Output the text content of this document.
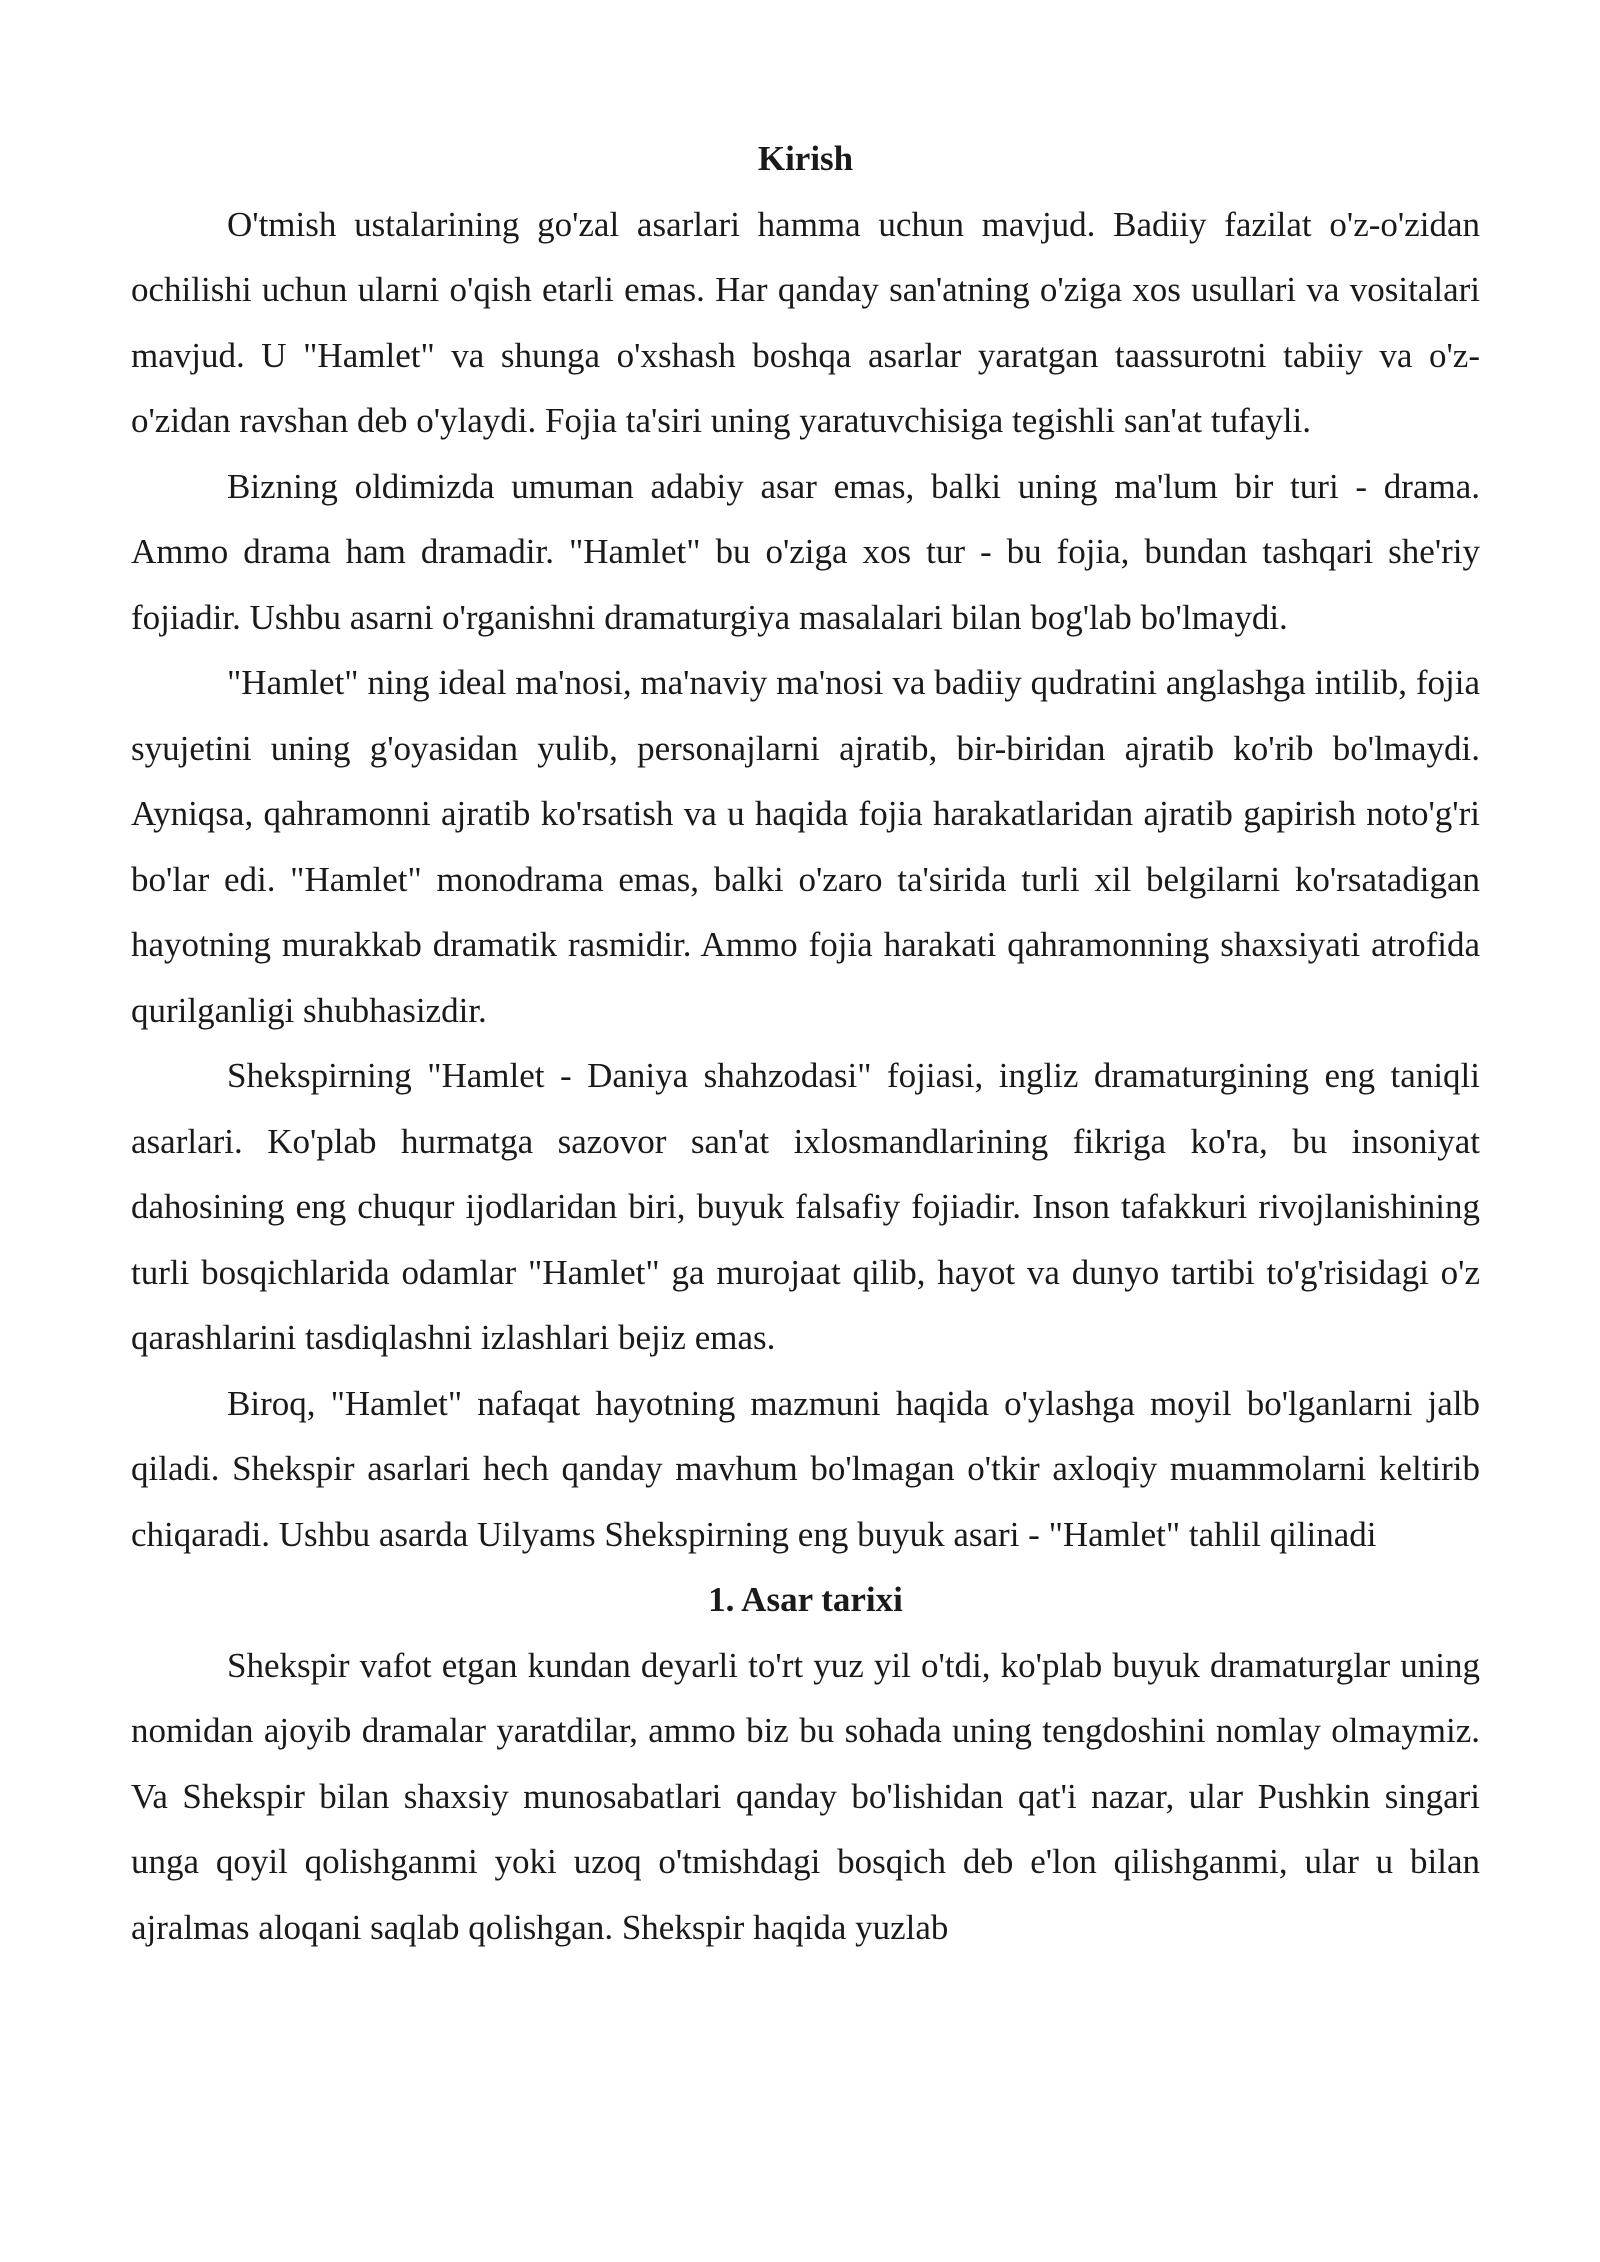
Kirish

O'tmish ustalarining go'zal asarlari hamma uchun mavjud. Badiiy fazilat o'z-o'zidan ochilishi uchun ularni o'qish etarli emas. Har qanday san'atning o'ziga xos usullari va vositalari mavjud. U "Hamlet" va shunga o'xshash boshqa asarlar yaratgan taassurotni tabiiy va o'z-o'zidan ravshan deb o'ylaydi. Fojia ta'siri uning yaratuvchisiga tegishli san'at tufayli.

Bizning oldimizda umuman adabiy asar emas, balki uning ma'lum bir turi - drama. Ammo drama ham dramadir. "Hamlet" bu o'ziga xos tur - bu fojia, bundan tashqari she'riy fojiadir. Ushbu asarni o'rganishni dramaturgiya masalalari bilan bog'lab bo'lmaydi.

"Hamlet" ning ideal ma'nosi, ma'naviy ma'nosi va badiiy qudratini anglashga intilib, fojia syujetini uning g'oyasidan yulib, personajlarni ajratib, bir-biridan ajratib ko'rib bo'lmaydi. Ayniqsa, qahramonni ajratib ko'rsatish va u haqida fojia harakatlaridan ajratib gapirish noto'g'ri bo'lar edi. "Hamlet" monodrama emas, balki o'zaro ta'sirida turli xil belgilarni ko'rsatadigan hayotning murakkab dramatik rasmidir. Ammo fojia harakati qahramonning shaxsiyati atrofida qurilganligi shubhasizdir.

Shekspirning "Hamlet - Daniya shahzodasi" fojiasi, ingliz dramaturgining eng taniqli asarlari. Ko'plab hurmatga sazovor san'at ixlosmandlarining fikriga ko'ra, bu insoniyat dahosining eng chuqur ijodlaridan biri, buyuk falsafiy fojiadir. Inson tafakkuri rivojlanishining turli bosqichlarida odamlar "Hamlet" ga murojaat qilib, hayot va dunyo tartibi to'g'risidagi o'z qarashlarini tasdiqlashni izlashlari bejiz emas.

Biroq, "Hamlet" nafaqat hayotning mazmuni haqida o'ylashga moyil bo'lganlarni jalb qiladi. Shekspir asarlari hech qanday mavhum bo'lmagan o'tkir axloqiy muammolarni keltirib chiqaradi. Ushbu asarda Uilyams Shekspirning eng buyuk asari - "Hamlet" tahlil qilinadi

1. Asar tarixi

Shekspir vafot etgan kundan deyarli to'rt yuz yil o'tdi, ko'plab buyuk dramaturglar uning nomidan ajoyib dramalar yaratdilar, ammo biz bu sohada uning tengdoshini nomlay olmaymiz. Va Shekspir bilan shaxsiy munosabatlari qanday bo'lishidan qat'i nazar, ular Pushkin singari unga qoyil qolishganmi yoki uzoq o'tmishdagi bosqich deb e'lon qilishganmi, ular u bilan ajralmas aloqani saqlab qolishgan. Shekspir haqida yuzlab
